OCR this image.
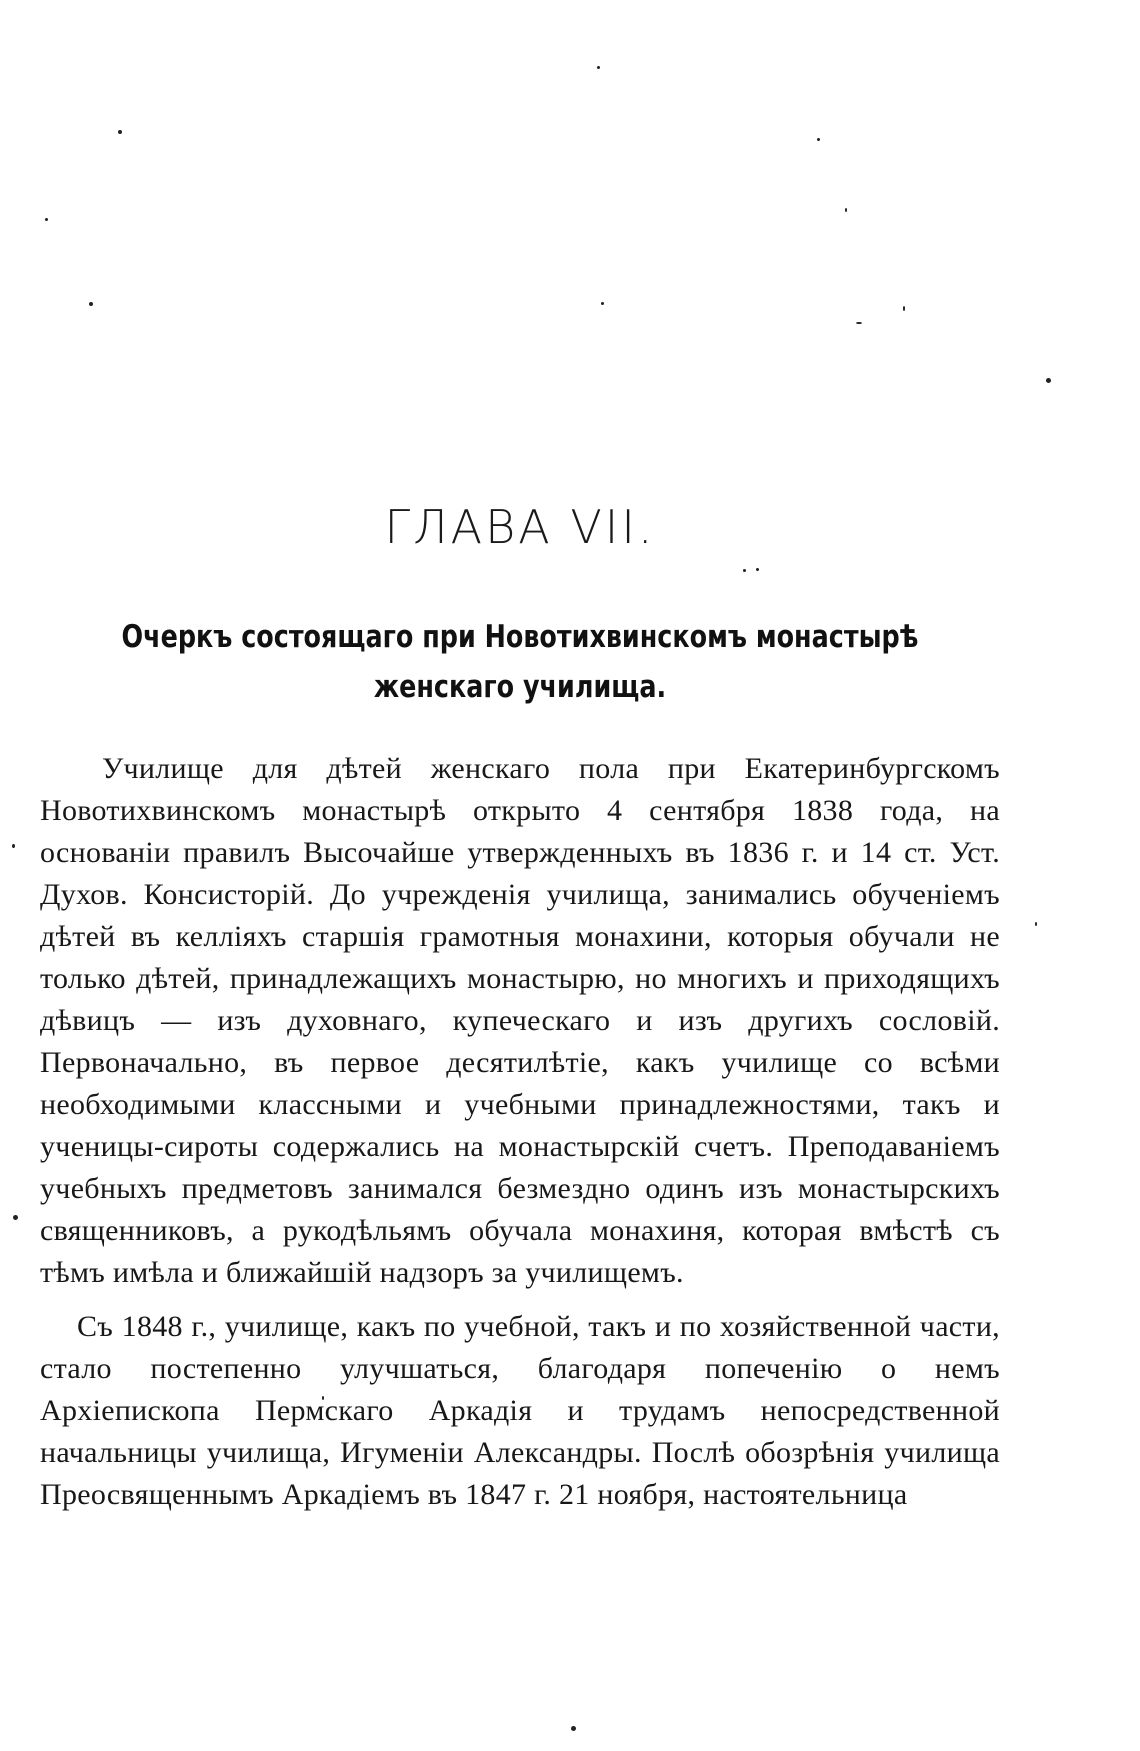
ГЛАВА VII.
Очеркъ состоящаго при Новотихвинскомъ монастырѣ
женскаго училища.

Училище для дѣтей женскаго пола при Екатеринбургскомъ Новотихвинскомъ монастырѣ открыто 4 сентября 1838 года, на основаніи правилъ Высочайше утвержденныхъ въ 1836 г. и 14 ст. Уст. Духов. Консисторій. До учрежденія училища, занимались обученіемъ дѣтей въ келліяхъ старшія грамотныя монахини, которыя обучали не только дѣтей, принадлежащихъ монастырю, но многихъ и приходящихъ дѣвицъ — изъ духовнаго, купеческаго и изъ другихъ сословій. Первоначально, въ первое десятилѣтіе, какъ училище со всѣми необходимыми классными и учебными принадлежностями, такъ и ученицы-сироты содержались на монастырскій счетъ. Преподаваніемъ учебныхъ предметовъ занимался безмездно одинъ изъ монастырскихъ священниковъ, а рукодѣльямъ обучала монахиня, которая вмѣстѣ съ тѣмъ имѣла и ближайшій надзоръ за училищемъ.

Съ 1848 г., училище, какъ по учебной, такъ и по хозяйственной части, стало постепенно улучшаться, благодаря попеченію о немъ Архіепископа Пермскаго Аркадія и трудамъ непосредственной начальницы училища, Игуменіи Александры. Послѣ обозрѣнія училища Преосвященнымъ Аркадіемъ въ 1847 г. 21 ноября, настоятельница
